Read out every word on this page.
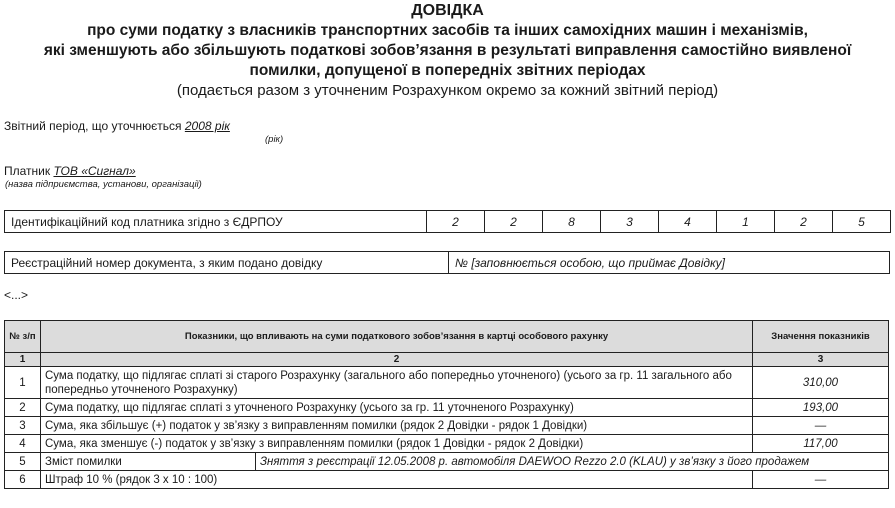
ДОВІДКА
про суми податку з власників транспортних засобів та інших самохідних машин і механізмів,
які зменшують або збільшують податкові зобов’язання в результаті виправлення самостійно виявленої
помилки, допущеної в попередніх звітних періодах
(подається разом з уточненим Розрахунком окремо за кожний звітний період)
Звітний період, що уточнюється 2008 рік
(рік)
Платник ТОВ «Сигнал»
(назва підприємства, установи, організації)
Ідентифікаційний код платника згідно з ЄДРПОУ	2	2	8	3	4	1	2	5
Реєстраційний номер документа, з яким подано довідку	№ [заповнюється особою, що приймає Довідку]
<...>
№ з/п	Показники, що впливають на суми податкового зобов’язання в картці особового рахунку		Значення показників
1	2		3
1	Сума податку, що підлягає сплаті зі старого Розрахунку (загального або попередньо уточненого) (усього за гр. 11 загального або попередньо уточненого Розрахунку)		310,00
2	Сума податку, що підлягає сплаті з уточненого Розрахунку (усього за гр. 11 уточненого Розрахунку)		193,00
3	Сума, яка збільшує (+) податок у зв’язку з виправленням помилки (рядок 2 Довідки - рядок 1 Довідки)		—
4	Сума, яка зменшує (-) податок у зв’язку з виправленням помилки (рядок 1 Довідки - рядок 2 Довідки)		117,00
5	Зміст помилки	Зняття з реєстрації 12.05.2008 р. автомобіля DAEWOO Rezzo 2.0 (KLAU) у зв’язку з його продажем	
6	Штраф 10 % (рядок 3 х 10 : 100)		—
